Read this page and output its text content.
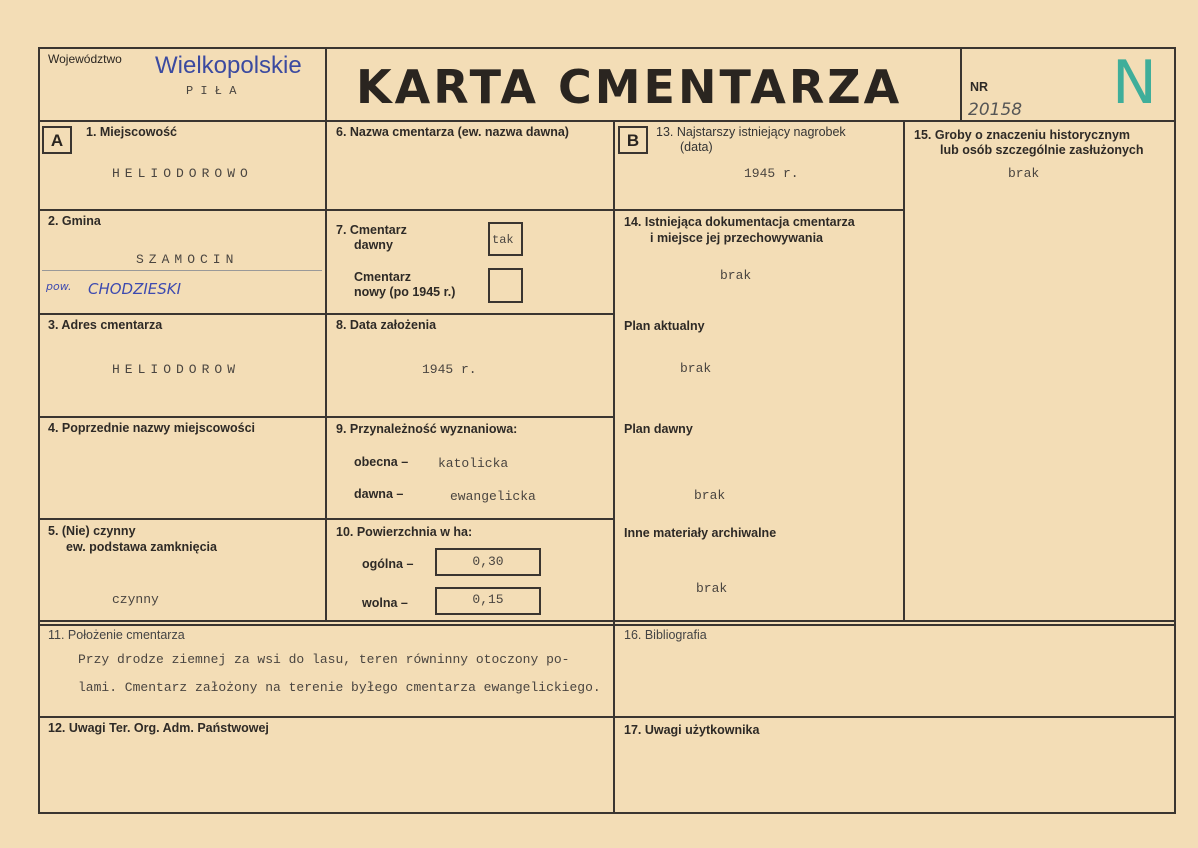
Województwo Wielkopolskie
P I Ł A	KARTA CMENTARZA	NR
20158 N
A	B
1. Miejscowość
HELIODOROWO
2. Gmina
SZAMOCIN
pow. CHODZIESKI
3. Adres cmentarza
HELIODOROW
4. Poprzednie nazwy miejscowości
5. (Nie) czynny
ew. podstawa zamknięcia
czynny
6. Nazwa cmentarza (ew. nazwa dawna)
7. Cmentarz
dawny	tak
Cmentarz
nowy (po 1945 r.)
8. Data założenia
1945 r.
9. Przynależność wyznaniowa:
obecna – katolicka
dawna –	ewangelicka
10. Powierzchnia w ha:
ogólna –	0,30
wolna –	0,15
11. Położenie cmentarza
Przy drodze ziemnej za wsi do lasu, teren równinny otoczony po-
lami. Cmentarz założony na terenie byłego cmentarza ewangelickiego.
12. Uwagi Ter. Org. Adm. Państwowej
13. Najstarszy istniejący nagrobek
(data)
1945 r.
14. Istniejąca dokumentacja cmentarza
i miejsce jej przechowywania
brak
Plan aktualny
brak
Plan dawny
brak
Inne materiały archiwalne
brak
15. Groby o znaczeniu historycznym
lub osób szczególnie zasłużonych
brak
16. Bibliografia
17. Uwagi użytkownika
